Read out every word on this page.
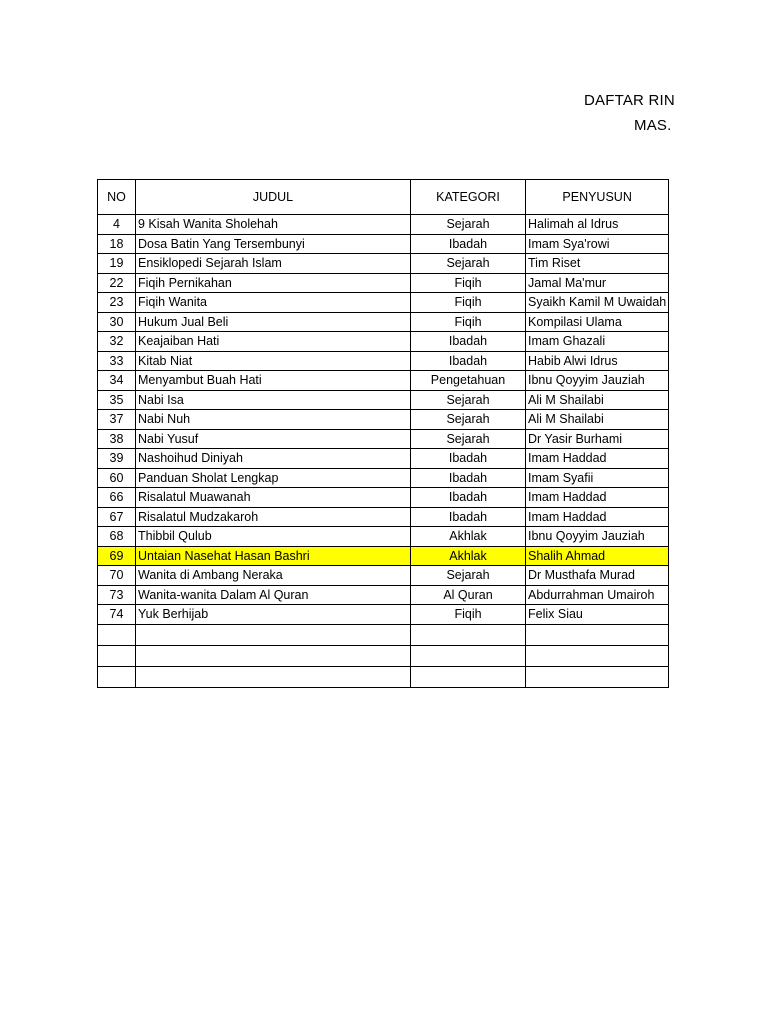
DAFTAR RIN
MAS.
NO	JUDUL	KATEGORI	PENYUSUN
4	9 Kisah Wanita Sholehah	Sejarah	Halimah al Idrus
18	Dosa Batin Yang Tersembunyi	Ibadah	Imam Sya'rowi
19	Ensiklopedi Sejarah Islam	Sejarah	Tim Riset
22	Fiqih Pernikahan	Fiqih	Jamal Ma'mur
23	Fiqih Wanita	Fiqih	Syaikh Kamil M Uwaidah
30	Hukum Jual Beli	Fiqih	Kompilasi Ulama
32	Keajaiban Hati	Ibadah	Imam Ghazali
33	Kitab Niat	Ibadah	Habib Alwi Idrus
34	Menyambut Buah Hati	Pengetahuan	Ibnu Qoyyim Jauziah
35	Nabi Isa	Sejarah	Ali M Shailabi
37	Nabi Nuh	Sejarah	Ali M Shailabi
38	Nabi Yusuf	Sejarah	Dr Yasir Burhami
39	Nashoihud Diniyah	Ibadah	Imam Haddad
60	Panduan Sholat Lengkap	Ibadah	Imam Syafii
66	Risalatul Muawanah	Ibadah	Imam Haddad
67	Risalatul Mudzakaroh	Ibadah	Imam Haddad
68	Thibbil Qulub	Akhlak	Ibnu Qoyyim Jauziah
69	Untaian Nasehat Hasan Bashri	Akhlak	Shalih Ahmad
70	Wanita di Ambang Neraka	Sejarah	Dr Musthafa Murad
73	Wanita-wanita Dalam Al Quran	Al Quran	Abdurrahman Umairoh
74	Yuk Berhijab	Fiqih	Felix Siau
